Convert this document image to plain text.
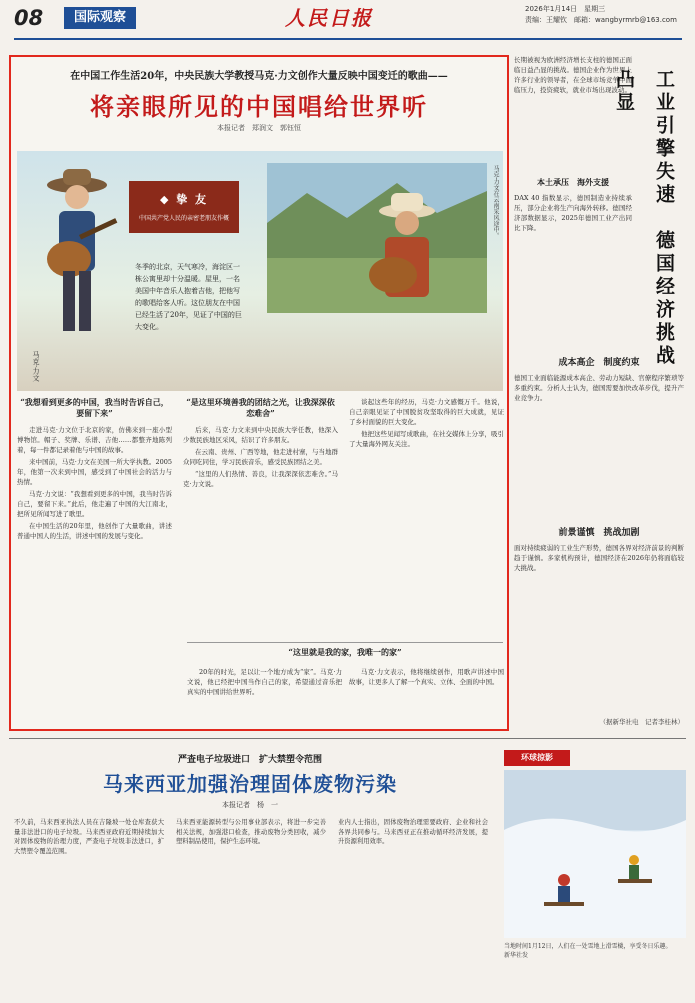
08	国际观察	人民日报	2026年1月14日　星期三
责编：王耀钦　邮箱：wangbyrmrb@163.com
在中国工作生活20年，中央民族大学教授马克·力文创作大量反映中国变迁的歌曲——
将亲眼所见的中国唱给世界听
本报记者　郑润文　郭钰恒
马克·力文
◆ 挚 友
中国共产党人民的亲密老朋友作概
冬季的北京，天气寒冷，海淀区一栋公寓里却十分温暖。屋里，一名美国中年音乐人抱着吉他，把他写的歌唱给客人听。这位朋友在中国已经生活了20年，见证了中国的巨大变化。
马克·力文在云南采风途中。
“我想看到更多的中国，我当时告诉自己，要留下来”

走进马克·力文位于北京的家，仿佛来到一座小型博物馆。帽子、奖牌、乐谱、吉他……都整齐地陈列着，每一件都记录着他与中国的故事。

来中国前，马克·力文在美国一所大学执教。2005年，他第一次来到中国，感受到了中国社会的活力与热情。

马克·力文说：“我想看到更多的中国，我当时告诉自己，要留下来。”此后，他走遍了中国的大江南北，把所见所闻写进了歌里。

在中国生活的20年里，他创作了大量歌曲，讲述普通中国人的生活，讲述中国的发展与变化。

“是这里环境善我的团结之光，让我深深依恋难舍”

后来，马克·力文来到中央民族大学任教，他深入少数民族地区采风，结识了许多朋友。

在云南、贵州、广西等地，他走进村寨，与当地群众同吃同住，学习民族音乐，感受民族团结之美。

“这里的人们热情、善良，让我深深依恋难舍。”马克·力文说。

谈起这些年的经历，马克·力文感慨万千。他说，自己亲眼见证了中国脱贫攻坚取得的巨大成就，见证了乡村面貌的巨大变化。

他把这些见闻写成歌曲，在社交媒体上分享，吸引了大量海外网友关注。

“这里就是我的家，我唯一的家”

20年的时光，足以让一个地方成为“家”。马克·力文说，他已经把中国当作自己的家，希望通过音乐把真实的中国讲给世界听。

马克·力文表示，他将继续创作，用歌声讲述中国故事，让更多人了解一个真实、立体、全面的中国。

长期被视为欧洲经济增长支柱的德国正面临日益凸显的挑战。德国企业作为世界上许多行业的领导者，在全球市场竞争中面临压力，投资疲软，就业市场出现波动。	工业引擎失速　德国经济挑战凸显
本土承压　海外支援
DAX 40 指数显示，德国制造业持续承压，部分企业将生产向海外转移。德国经济部数据显示，2025年德国工业产出同比下降。
成本高企　制度约束
德国工业面临能源成本高企、劳动力短缺、官僚程序繁琐等多重约束。分析人士认为，德国需要加快改革步伐，提升产业竞争力。
前景谨慎　挑战加剧
面对持续疲弱的工业生产形势，德国各界对经济前景的判断趋于谨慎。多家机构预计，德国经济在2026年仍将面临较大挑战。
（据新华社电　记者李桂林）
严查电子垃圾进口　扩大禁塑令范围
马来西亚加强治理固体废物污染
本报记者　杨　一
不久前，马来西亚执法人员在吉隆坡一处仓库查获大量非法进口的电子垃圾。马来西亚政府近期持续加大对固体废物的治理力度，严查电子垃圾非法进口，扩大禁塑令覆盖范围。
马来西亚能源转型与公用事业部表示，将进一步完善相关法规，加强港口检查，推动废物分类回收，减少塑料制品使用，保护生态环境。
业内人士指出，固体废物治理需要政府、企业和社会各界共同参与。马来西亚正在推动循环经济发展，提升资源利用效率。
环球掠影
当地时间1月12日，人们在一处雪地上滑雪橇，享受冬日乐趣。　　新华社发
